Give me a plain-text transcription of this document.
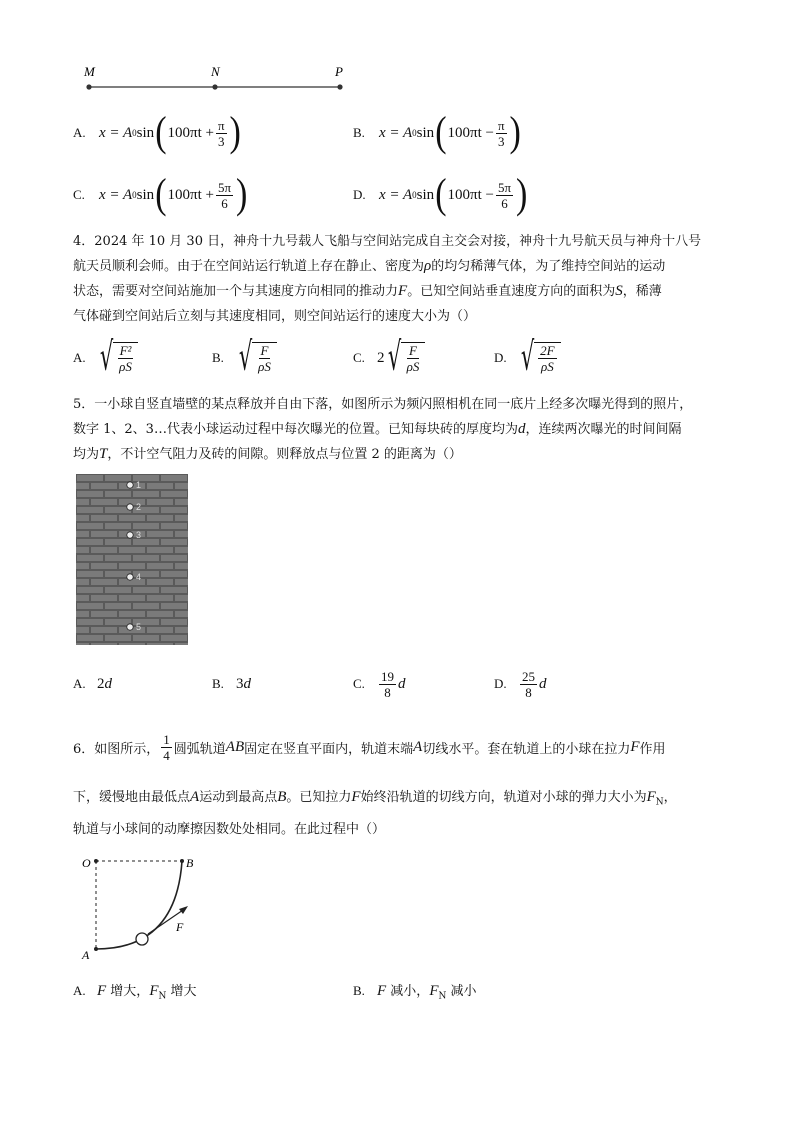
M	N	P
A. x = A 0 sin ( $100\pi t + \frac{\pi}{3}$ )	B. x = A 0 sin ( $100\pi t - \frac{\pi}{3}$ )
C. x = A 0 sin ( $100\pi t + \frac{5\pi}{6}$ )	D. x = A 0 sin ( $100\pi t - \frac{5\pi}{6}$ )
4．2024 年 10 月 30 日，神舟十九号载人飞船与空间站完成自主交会对接，神舟十九号航天员与神舟十八号
航天员顺利会师。由于在空间站运行轨道上存在静止、密度为ρ的均匀稀薄气体，为了维持空间站的运动
状态，需要对空间站施加一个与其速度方向相同的推动力F。已知空间站垂直速度方向的面积为S，稀薄
气体碰到空间站后立刻与其速度相同，则空间站运行的速度大小为（）
A. √ $\frac{\text{F²}}{\rho S}$	B. √ $\frac{F}{\rho S}$	C. 2 √ $\frac{F}{\rho S}$	D. √ $\frac{2F}{\rho S}$
5．一小球自竖直墙壁的某点释放并自由下落，如图所示为频闪照相机在同一底片上经多次曝光得到的照片，
数字 1、2、3…代表小球运动过程中每次曝光的位置。已知每块砖的厚度均为d，连续两次曝光的时间间隔
均为T，不计空气阻力及砖的间隙。则释放点与位置 2 的距离为（）
1
2
3
4
5
A. 2 d	B. 3 d	C.	$\frac{19}{8}$ d	D.	$\frac{25}{8}$ d
6．如图所示， $\frac{1}{4}$ 圆弧轨道 AB 固定在竖直平面内，轨道末端 A 切线水平。套在轨道上的小球在拉力 F 作用
下，缓慢地由最低点A运动到最高点B。已知拉力F始终沿轨道的切线方向，轨道对小球的弹力大小为$F_N$，
轨道与小球间的动摩擦因数处处相同。在此过程中（）
O	B
A
F
A. F 增大，$F_N$ 增大	B. F 减小，$F_N$ 减小
